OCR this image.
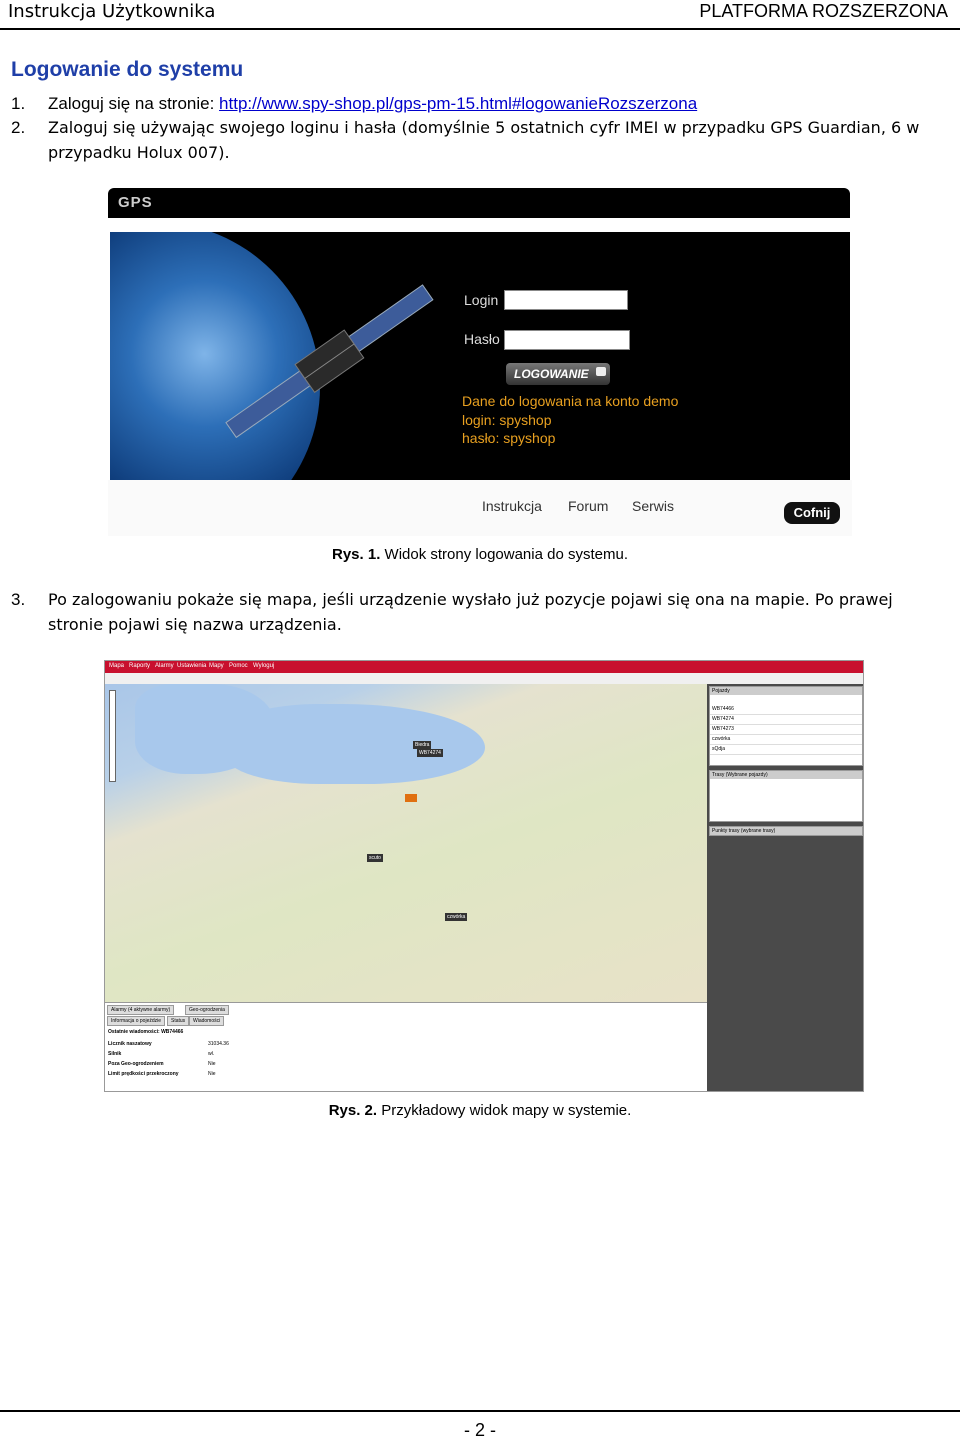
Instrukcja Użytkownika	PLATFORMA ROZSZERZONA
Logowanie do systemu
1. Zaloguj się na stronie: http://www.spy-shop.pl/gps-pm-15.html#logowanieRozszerzona
2. Zaloguj się używając swojego loginu i hasła (domyślnie 5 ostatnich cyfr IMEI w przypadku GPS Guardian, 6 w
przypadku Holux 007).
GPS
Login
Hasło
LOGOWANIE
Dane do logowania na konto demo
login: spyshop
hasło: spyshop
Instrukcja Forum Serwis	Cofnij
Rys. 1. Widok strony logowania do systemu.
3. Po zalogowaniu pokaże się mapa, jeśli urządzenie wysłało już pozycje pojawi się ona na mapie. Po prawej
stronie pojawi się nazwa urządzenia.
Mapa Raporty Alarmy Ustawienia Mapy Pomoc Wyloguj
Biedra
WB74274

scuto
czwórka
Pojazdy
WB74466
WB74274
WB74273
czwórka
sQdja
Trasy (Wybrane pojazdy)
Punkty trasy (wybrane trasy)
Alarmy (4 aktywne alarmy)	Geo-ogrodzenia
Informacja o pojeździe	Status	Wiadomości
Ostatnie wiadomości: WB74466
Licznik naszatowy	31034.36
Silnik	wł.
Poza Geo-ogrodzeniem	Nie
Limit prędkości przekroczony	Nie
Rys. 2. Przykładowy widok mapy w systemie.
- 2 -
